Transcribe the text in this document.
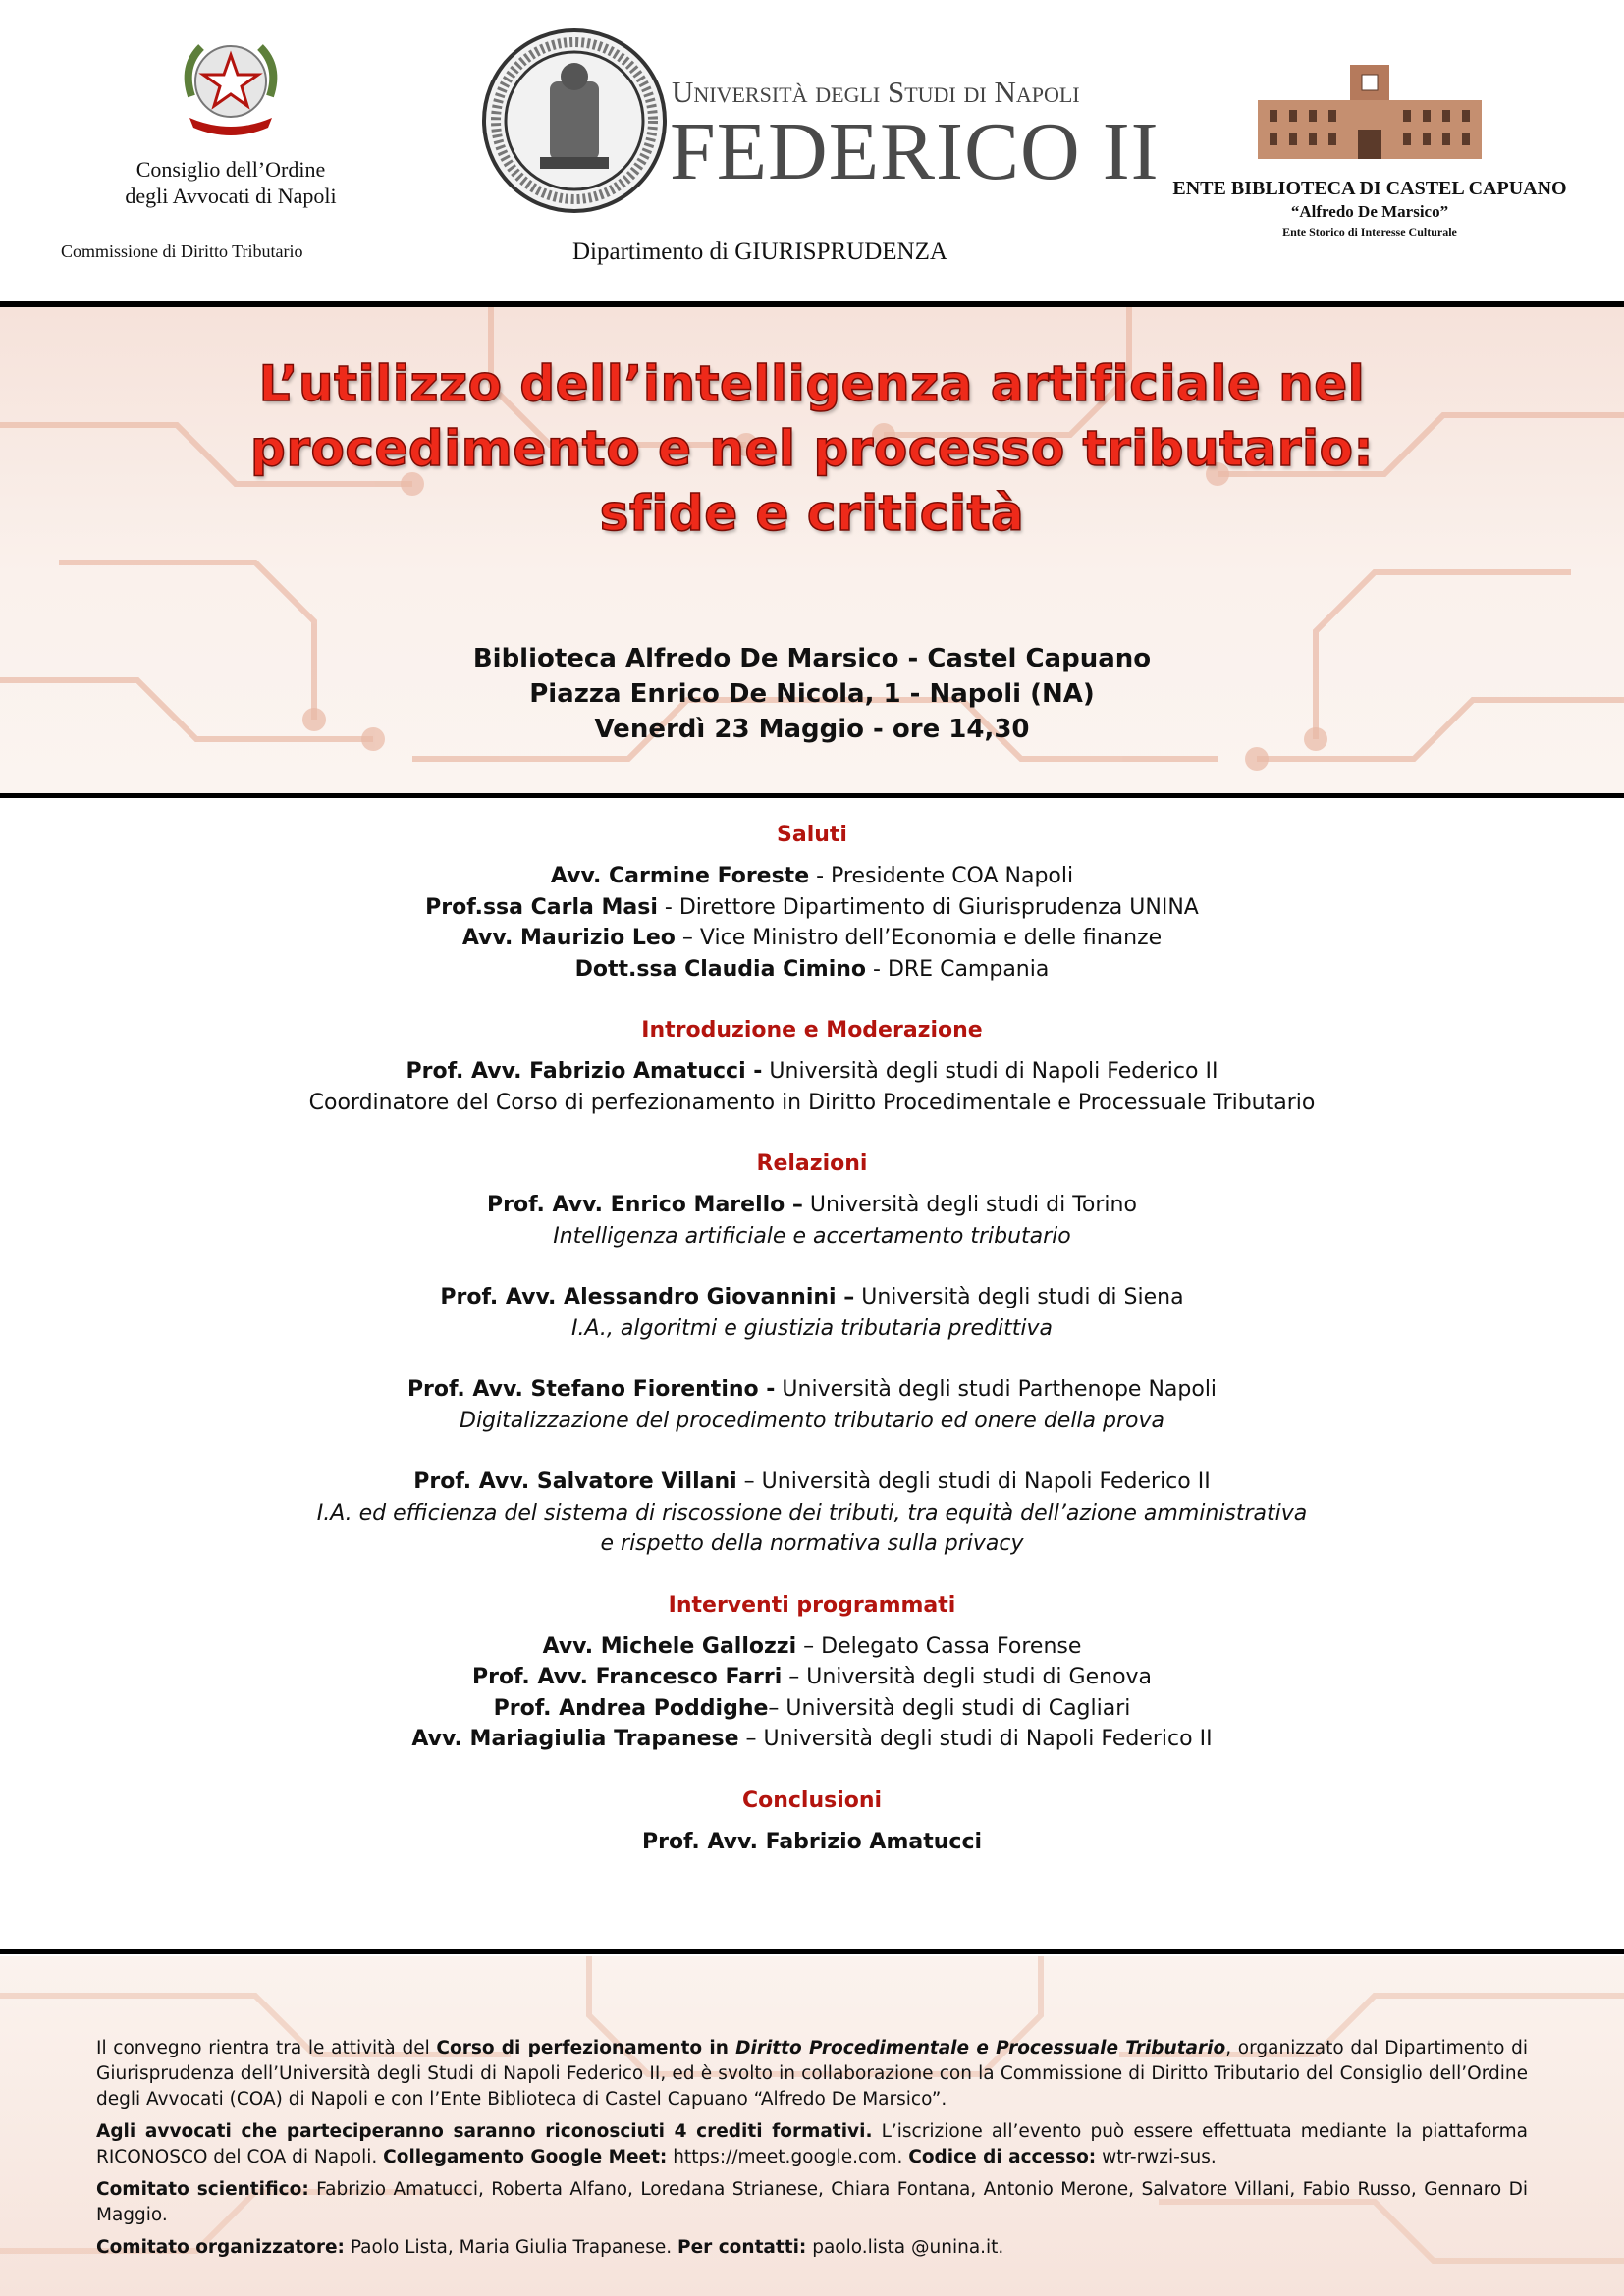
Consiglio dell’Ordine
degli Avvocati di Napoli
Commissione di Diritto Tributario
Università degli Studi di Napoli
FEDERICO II
Dipartimento di GIURISPRUDENZA
ENTE BIBLIOTECA DI CASTEL CAPUANO
“Alfredo De Marsico”
Ente Storico di Interesse Culturale
L’utilizzo dell’intelligenza artificiale nel
procedimento e nel processo tributario:
sfide e criticità
Biblioteca Alfredo De Marsico - Castel Capuano
Piazza Enrico De Nicola, 1 - Napoli (NA)
Venerdì 23 Maggio - ore 14,30
Saluti
Avv. Carmine Foreste - Presidente COA Napoli
Prof.ssa Carla Masi - Direttore Dipartimento di Giurisprudenza UNINA
Avv. Maurizio Leo – Vice Ministro dell’Economia e delle finanze
Dott.ssa Claudia Cimino - DRE Campania
Introduzione e Moderazione
Prof. Avv. Fabrizio Amatucci - Università degli studi di Napoli Federico II
Coordinatore del Corso di perfezionamento in Diritto Procedimentale e Processuale Tributario
Relazioni
Prof. Avv. Enrico Marello – Università degli studi di Torino
Intelligenza artificiale e accertamento tributario
Prof. Avv. Alessandro Giovannini – Università degli studi di Siena
I.A., algoritmi e giustizia tributaria predittiva
Prof. Avv. Stefano Fiorentino - Università degli studi Parthenope Napoli
Digitalizzazione del procedimento tributario ed onere della prova
Prof. Avv. Salvatore Villani – Università degli studi di Napoli Federico II
I.A. ed efficienza del sistema di riscossione dei tributi, tra equità dell’azione amministrativa
e rispetto della normativa sulla privacy
Interventi programmati
Avv. Michele Gallozzi – Delegato Cassa Forense
Prof. Avv. Francesco Farri – Università degli studi di Genova
Prof. Andrea Poddighe– Università degli studi di Cagliari
Avv. Mariagiulia Trapanese – Università degli studi di Napoli Federico II
Conclusioni
Prof. Avv. Fabrizio Amatucci

Il convegno rientra tra le attività del Corso di perfezionamento in Diritto Procedimentale e Processuale Tributario, organizzato dal Dipartimento di Giurisprudenza dell’Università degli Studi di Napoli Federico II, ed è svolto in collaborazione con la Commissione di Diritto Tributario del Consiglio dell’Ordine degli Avvocati (COA) di Napoli e con l’Ente Biblioteca di Castel Capuano “Alfredo De Marsico”.

Agli avvocati che parteciperanno saranno riconosciuti 4 crediti formativi. L’iscrizione all’evento può essere effettuata mediante la piattaforma RICONOSCO del COA di Napoli. Collegamento Google Meet: https://meet.google.com. Codice di accesso: wtr-rwzi-sus.

Comitato scientifico: Fabrizio Amatucci, Roberta Alfano, Loredana Strianese, Chiara Fontana, Antonio Merone, Salvatore Villani, Fabio Russo, Gennaro Di Maggio.

Comitato organizzatore: Paolo Lista, Maria Giulia Trapanese. Per contatti: paolo.lista @unina.it.
